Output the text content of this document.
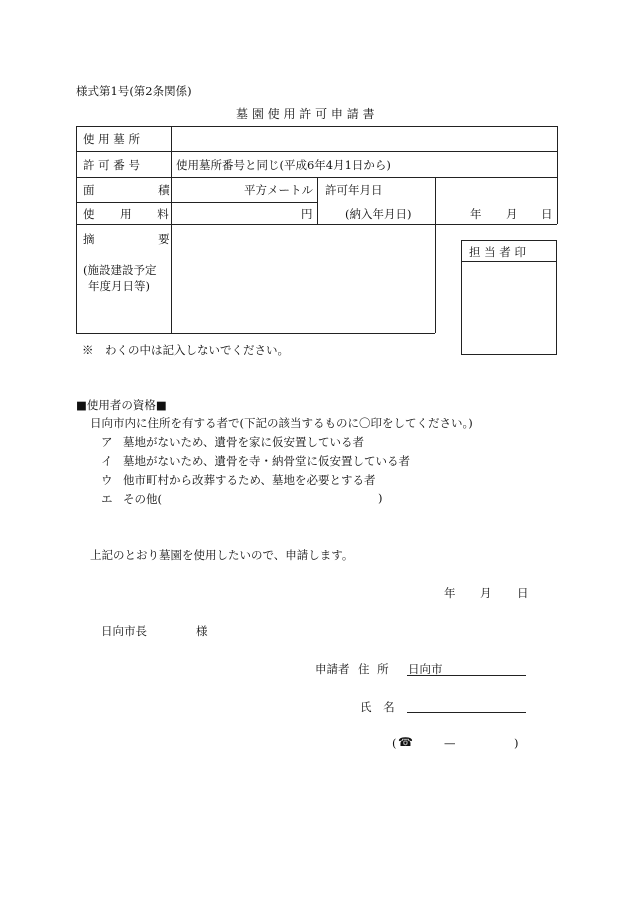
様式第1号(第2条関係)
墓 園 使 用 許 可 申 請 書
使 用 墓 所
許 可 番 号	使用墓所番号と同じ(平成6年4月1日から)
面 積	平方メートル 許可年月日
使 用 料	円	(納入年月日)	年 月 日
摘 要
(施設建設予定
年度月日等)
担 当 者 印
※　わくの中は記入しないでください。
■使用者の資格■
日向市内に住所を有する者で(下記の該当するものに〇印をしてください。)
ア 墓地がないため、遺骨を家に仮安置している者
イ 墓地がないため、遺骨を寺・納骨堂に仮安置している者
ウ 他市町村から改葬するため、墓地を必要とする者
エ その他(	)
上記のとおり墓園を使用したいので、申請します。
年 月 日
日向市長	様
申請者 住 所 日向市
氏 名
( ☎	—	)
